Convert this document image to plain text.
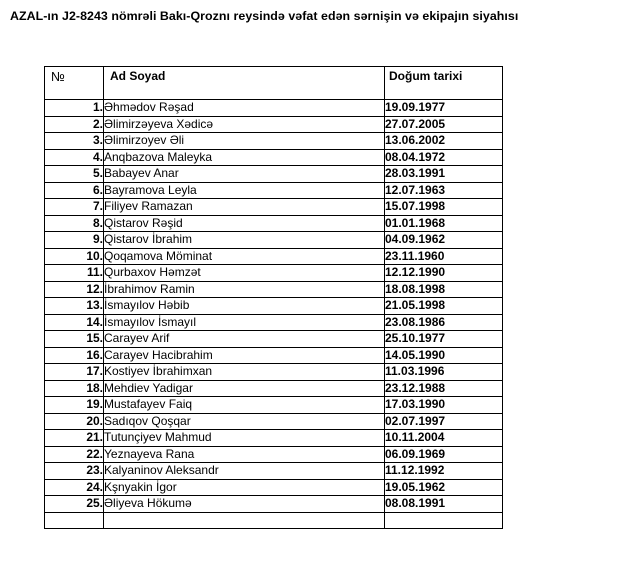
AZAL-ın J2-8243 nömrəli Bakı-Qroznı reysində vəfat edən sərnişin və ekipajın siyahısı
№	Ad Soyad	Doğum tarixi
1.	Əhmədov Rəşad	19.09.1977
2.	Əlimirzəyeva Xədicə	27.07.2005
3.	Əlimirzoyev Əli	13.06.2002
4.	Anqbazova Maleyka	08.04.1972
5.	Babayev Anar	28.03.1991
6.	Bayramova Leyla	12.07.1963
7.	Filiyev Ramazan	15.07.1998
8.	Qistarov Rəşid	01.01.1968
9.	Qistarov İbrahim	04.09.1962
10.	Qoqamova Möminat	23.11.1960
11.	Qurbaxov Həmzət	12.12.1990
12.	İbrahimov Ramin	18.08.1998
13.	İsmayılov Həbib	21.05.1998
14.	İsmayılov İsmayıl	23.08.1986
15.	Carayev Arif	25.10.1977
16.	Carayev Hacibrahim	14.05.1990
17.	Kostiyev İbrahimxan	11.03.1996
18.	Mehdiev Yadigar	23.12.1988
19.	Mustafayev Faiq	17.03.1990
20.	Sadıqov Qoşqar	02.07.1997
21.	Tutunçiyev Mahmud	10.11.2004
22.	Yeznayeva Rana	06.09.1969
23.	Kalyaninov Aleksandr	11.12.1992
24.	Kşnyakin İgor	19.05.1962
25.	Əliyeva Hökumə	08.08.1991
